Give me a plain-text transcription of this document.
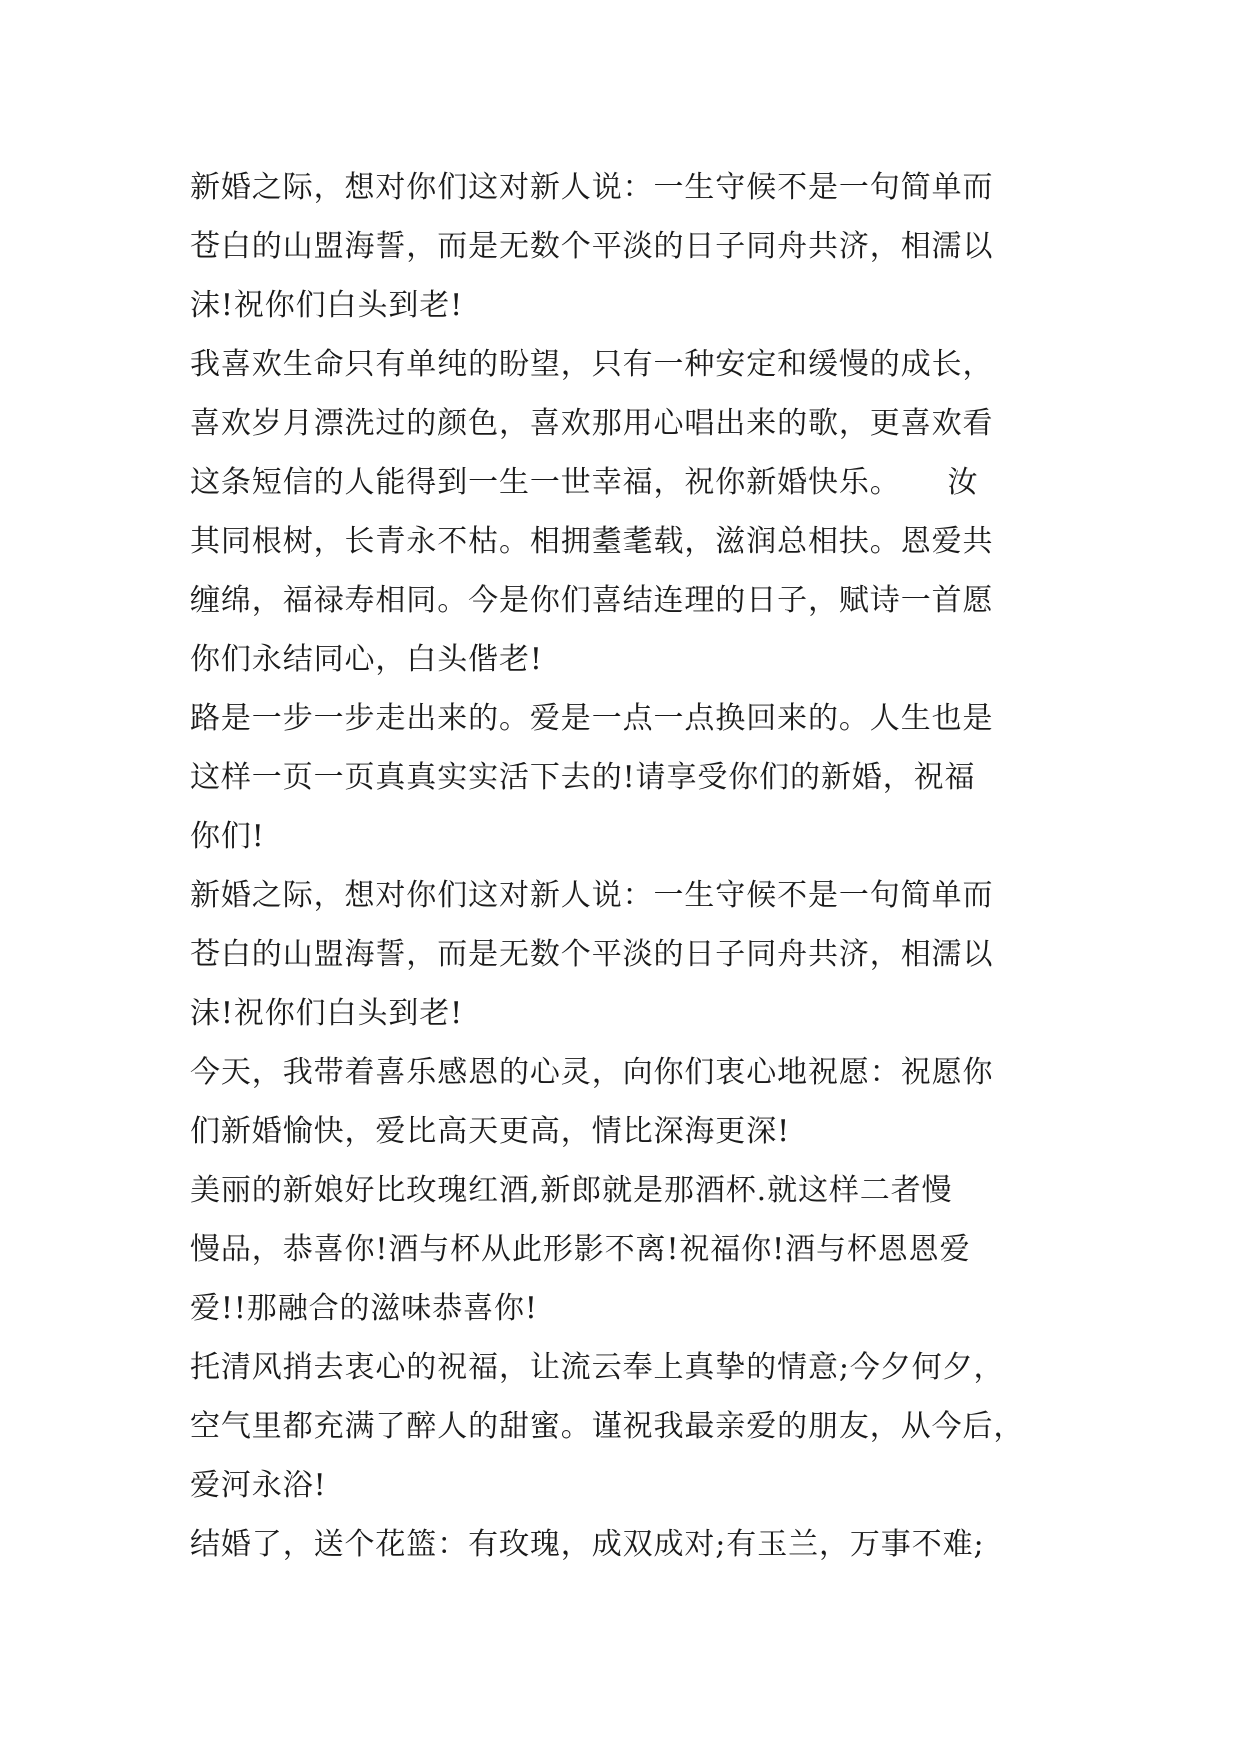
新婚之际，想对你们这对新人说：一生守候不是一句简单而
苍白的山盟海誓，而是无数个平淡的日子同舟共济，相濡以
沫!祝你们白头到老!
我喜欢生命只有单纯的盼望，只有一种安定和缓慢的成长，
喜欢岁月漂洗过的颜色，喜欢那用心唱出来的歌，更喜欢看
这条短信的人能得到一生一世幸福，祝你新婚快乐。　　汝
其同根树，长青永不枯。相拥耋耄载，滋润总相扶。恩爱共
缠绵，福禄寿相同。今是你们喜结连理的日子，赋诗一首愿
你们永结同心，白头偕老!
路是一步一步走出来的。爱是一点一点换回来的。人生也是
这样一页一页真真实实活下去的!请享受你们的新婚，祝福
你们!
新婚之际，想对你们这对新人说：一生守候不是一句简单而
苍白的山盟海誓，而是无数个平淡的日子同舟共济，相濡以
沫!祝你们白头到老!
今天，我带着喜乐感恩的心灵，向你们衷心地祝愿：祝愿你
们新婚愉快，爱比高天更高，情比深海更深!
美丽的新娘好比玫瑰红酒,新郎就是那酒杯.就这样二者慢
慢品，恭喜你!酒与杯从此形影不离!祝福你!酒与杯恩恩爱
爱!!那融合的滋味恭喜你!
托清风捎去衷心的祝福，让流云奉上真挚的情意;今夕何夕，
空气里都充满了醉人的甜蜜。谨祝我最亲爱的朋友，从今后，
爱河永浴!
结婚了，送个花篮：有玫瑰，成双成对;有玉兰，万事不难;
